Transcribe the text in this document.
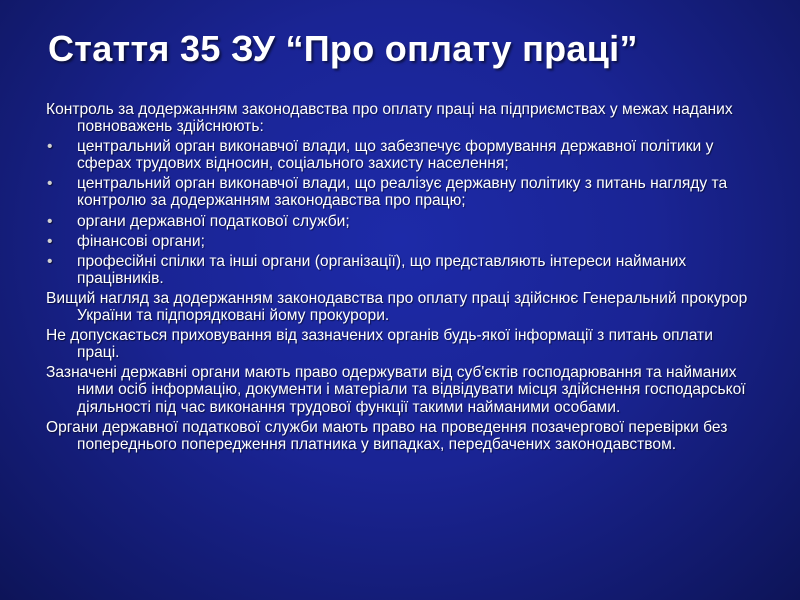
Стаття 35 ЗУ “Про оплату праці”

Контроль за додержанням законодавства про оплату праці на підприємствах у межах наданих повноважень здійснюють:

• центральний орган виконавчої влади, що забезпечує формування державної політики у сферах трудових відносин, соціального захисту населення;
• центральний орган виконавчої влади, що реалізує державну політику з питань нагляду та контролю за додержанням законодавства про працю;
• органи державної податкової служби;
• фінансові органи;
• професійні спілки та інші органи (організації), що представляють інтереси найманих працівників.

Вищий нагляд за додержанням законодавства про оплату праці здійснює Генеральний прокурор України та підпорядковані йому прокурори.

Не допускається приховування від зазначених органів будь-якої інформації з питань оплати праці.

Зазначені державні органи мають право одержувати від суб'єктів господарювання та найманих ними осіб інформацію, документи і матеріали та відвідувати місця здійснення господарської діяльності під час виконання трудової функції такими найманими особами.

Органи державної податкової служби мають право на проведення позачергової перевірки без попереднього попередження платника у випадках, передбачених законодавством.
